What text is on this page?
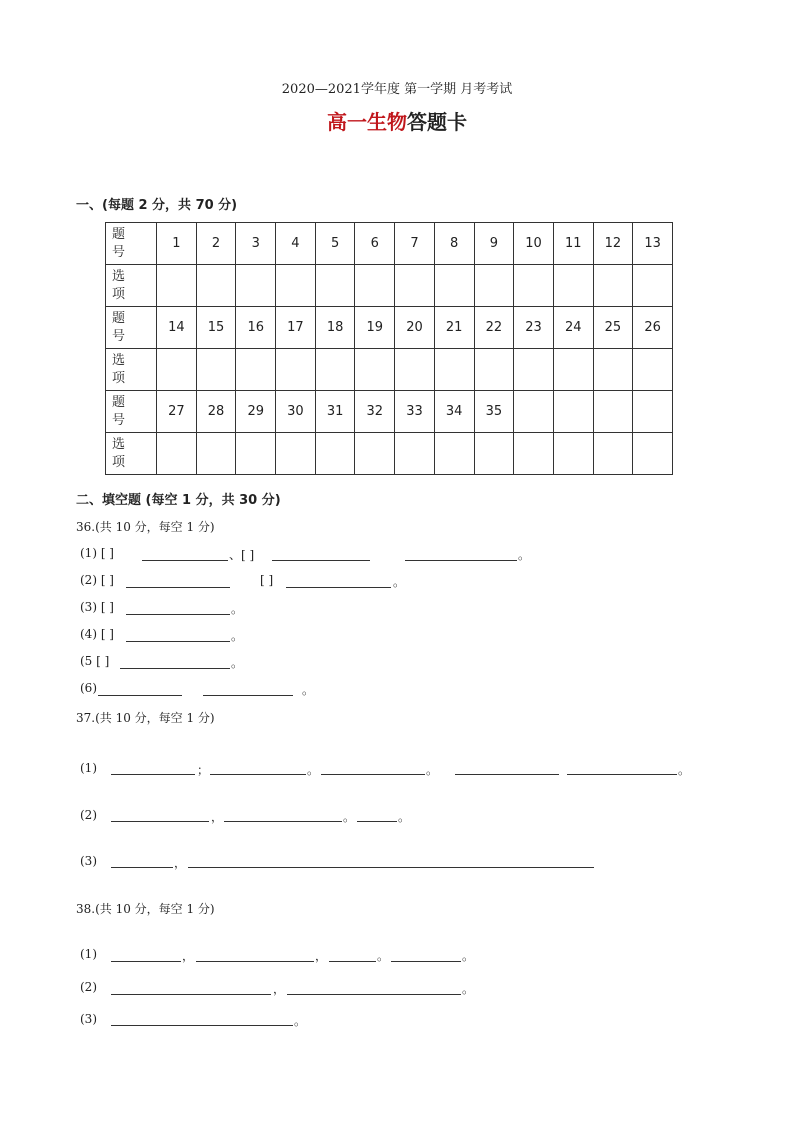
2020—2021学年度 第一学期 月考考试
高一生物答题卡
一、(每题 2 分，共 70 分)
题
号	1	2	3	4	5	6	7	8	9	10	11	12	13

选
项													

题
号	14	15	16	17	18	19	20	21	22	23	24	25	26

选
项													

题
号	27	28	29	30	31	32	33	34	35				

选
项													

二、填空题 (每空 1 分，共 30 分)
36.(共 10 分，每空 1 分)
(1) [ ]	、[ ]	。
(2) [ ]	[ ]	。
(3) [ ]	。
(4) [ ]	。
(5 [ ]	。
(6)	。
37.(共 10 分，每空 1 分)
(1)	；	。	。	。
(2)	，	。	。
(3)	，
38.(共 10 分，每空 1 分)
(1)	，	，	。	。
(2)	，	。
(3)	。
